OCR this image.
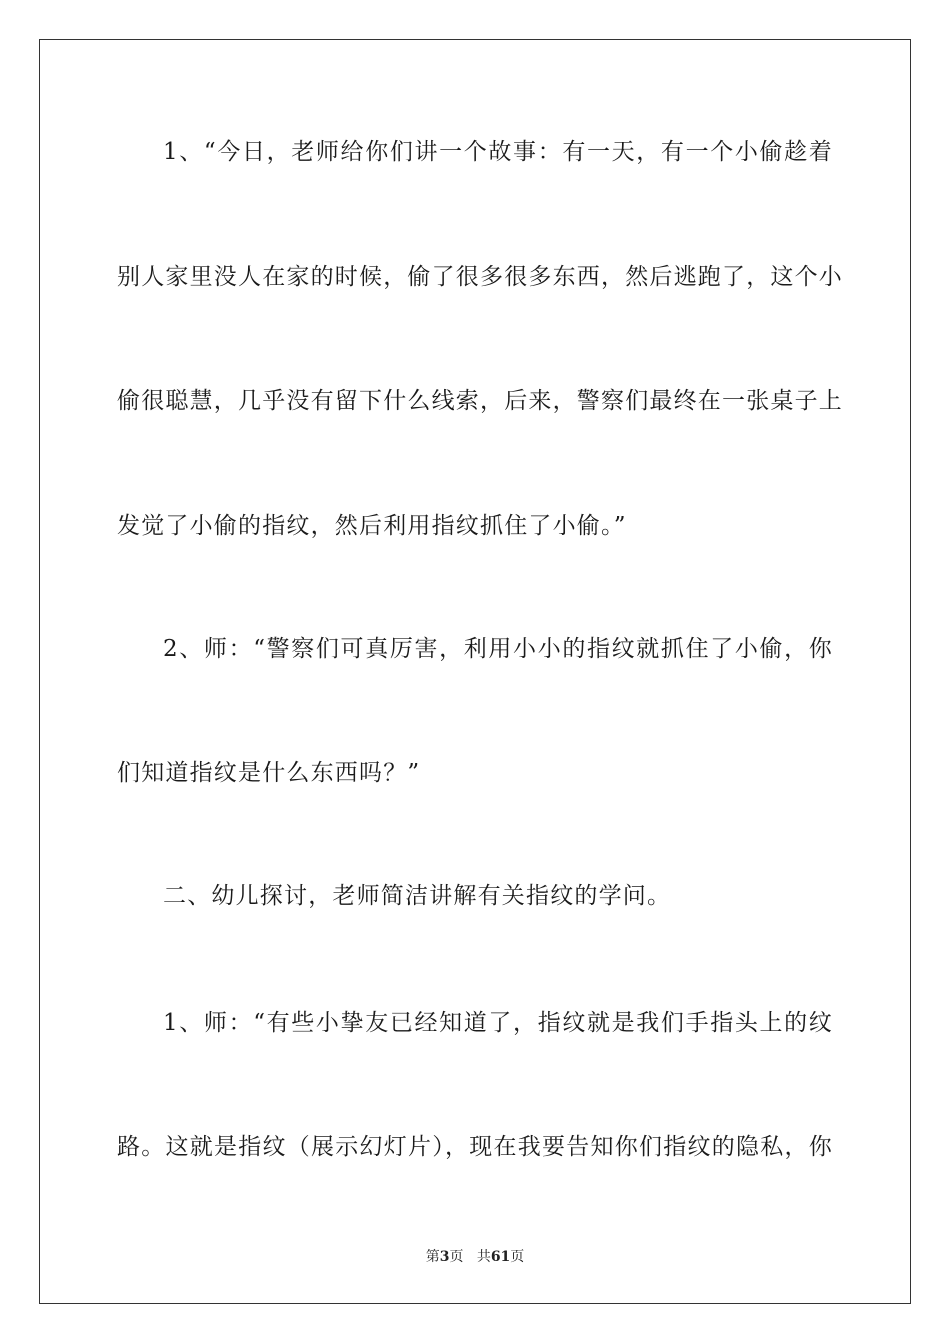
1、“今日，老师给你们讲一个故事：有一天，有一个小偷趁着
别人家里没人在家的时候，偷了很多很多东西，然后逃跑了，这个小
偷很聪慧，几乎没有留下什么线索，后来，警察们最终在一张桌子上
发觉了小偷的指纹，然后利用指纹抓住了小偷。”
2、师：“警察们可真厉害，利用小小的指纹就抓住了小偷，你
们知道指纹是什么东西吗？”
二、幼儿探讨，老师简洁讲解有关指纹的学问。
1、师：“有些小挚友已经知道了，指纹就是我们手指头上的纹
路。这就是指纹（展示幻灯片），现在我要告知你们指纹的隐私，你
第3页 共61页
